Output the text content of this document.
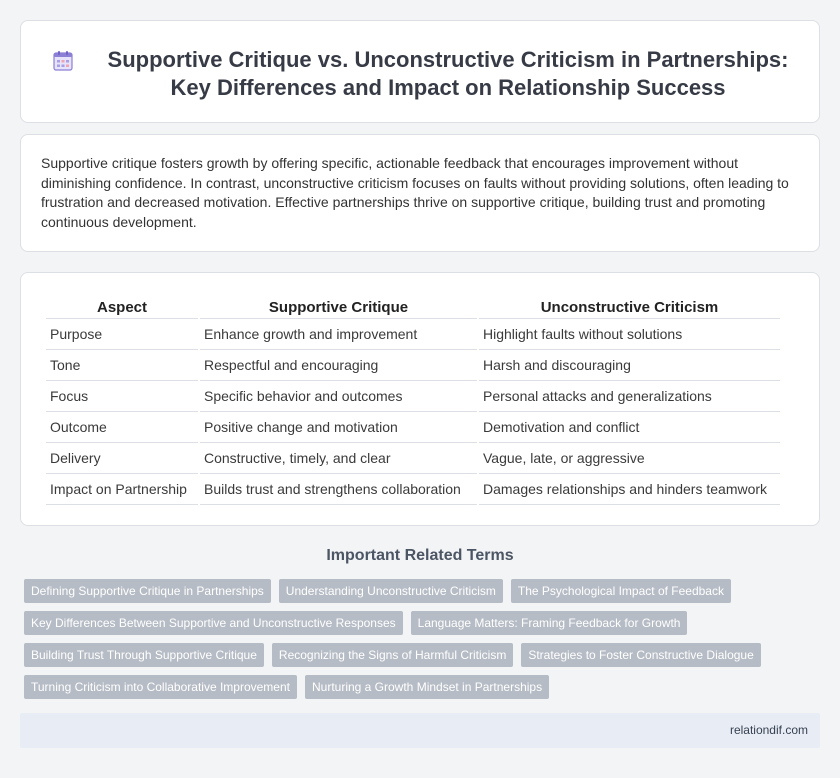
Supportive Critique vs. Unconstructive Criticism in Partnerships: Key Differences and Impact on Relationship Success

Supportive critique fosters growth by offering specific, actionable feedback that encourages improvement without diminishing confidence. In contrast, unconstructive criticism focuses on faults without providing solutions, often leading to frustration and decreased motivation. Effective partnerships thrive on supportive critique, building trust and promoting continuous development.

Aspect	Supportive Critique	Unconstructive Criticism
Purpose	Enhance growth and improvement	Highlight faults without solutions
Tone	Respectful and encouraging	Harsh and discouraging
Focus	Specific behavior and outcomes	Personal attacks and generalizations
Outcome	Positive change and motivation	Demotivation and conflict
Delivery	Constructive, timely, and clear	Vague, late, or aggressive
Impact on Partnership	Builds trust and strengthens collaboration	Damages relationships and hinders teamwork
Important Related Terms
Defining Supportive Critique in Partnerships	Understanding Unconstructive Criticism	The Psychological Impact of Feedback
Key Differences Between Supportive and Unconstructive Responses	Language Matters: Framing Feedback for Growth
Building Trust Through Supportive Critique	Recognizing the Signs of Harmful Criticism	Strategies to Foster Constructive Dialogue
Turning Criticism into Collaborative Improvement	Nurturing a Growth Mindset in Partnerships
relationdif.com
